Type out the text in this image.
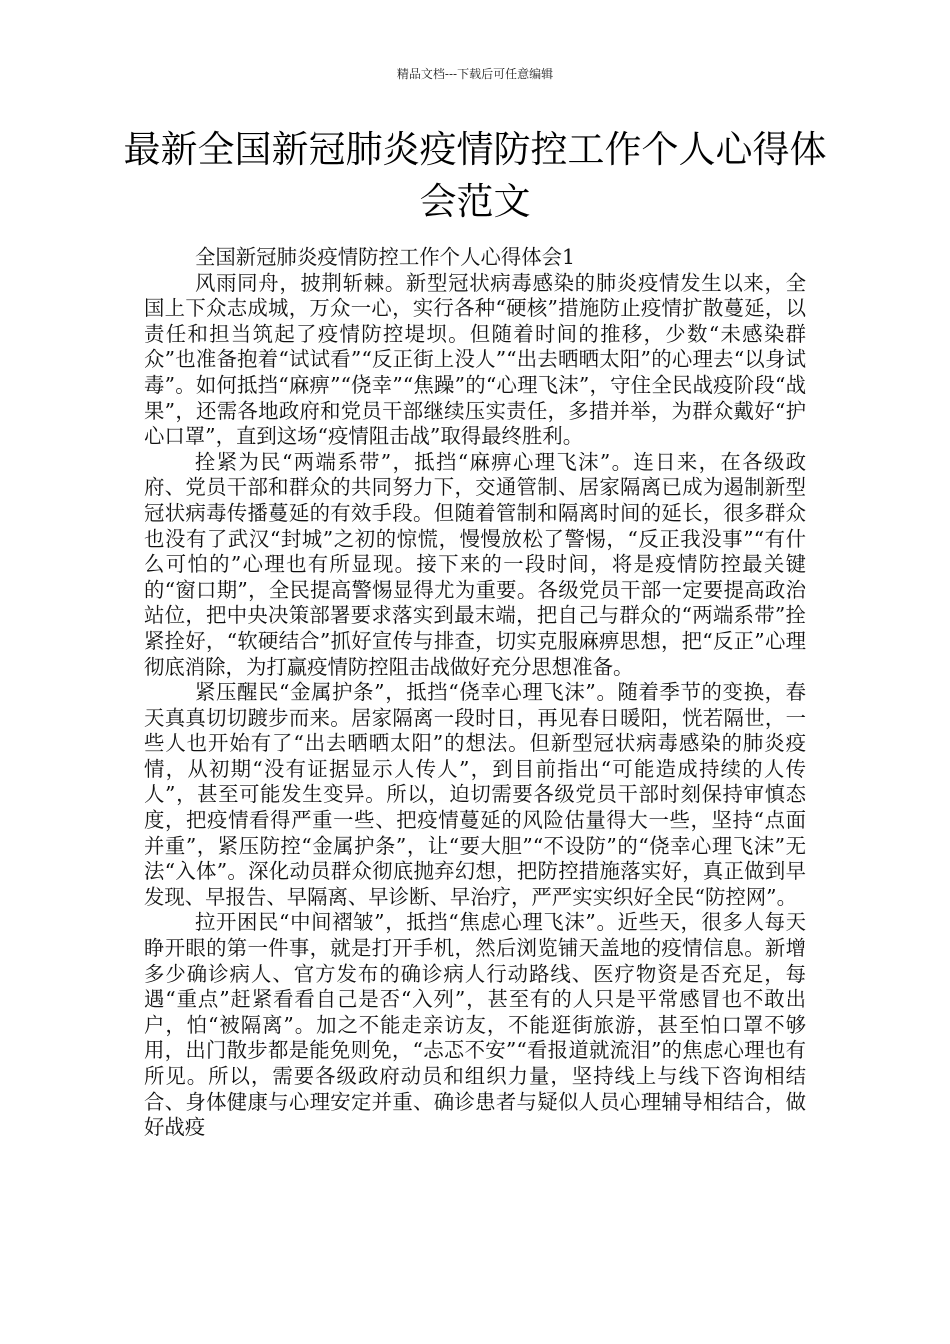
精品文档---下载后可任意编辑
最新全国新冠肺炎疫情防控工作个人心得体会范文

全国新冠肺炎疫情防控工作个人心得体会1

风雨同舟，披荆斩棘。新型冠状病毒感染的肺炎疫情发生以来，全国上下众志成城，万众一心，实行各种“硬核”措施防止疫情扩散蔓延，以责任和担当筑起了疫情防控堤坝。但随着时间的推移，少数“未感染群众”也准备抱着“试试看”“反正街上没人”“出去晒晒太阳”的心理去“以身试毒”。如何抵挡“麻痹”“侥幸”“焦躁”的“心理飞沫”，守住全民战疫阶段“战果”，还需各地政府和党员干部继续压实责任，多措并举，为群众戴好“护心口罩”，直到这场“疫情阻击战”取得最终胜利。

拴紧为民“两端系带”，抵挡“麻痹心理飞沫”。连日来，在各级政府、党员干部和群众的共同努力下，交通管制、居家隔离已成为遏制新型冠状病毒传播蔓延的有效手段。但随着管制和隔离时间的延长，很多群众也没有了武汉“封城”之初的惊慌，慢慢放松了警惕，“反正我没事”“有什么可怕的”心理也有所显现。接下来的一段时间，将是疫情防控最关键的“窗口期”，全民提高警惕显得尤为重要。各级党员干部一定要提高政治站位，把中央决策部署要求落实到最末端，把自己与群众的“两端系带”拴紧拴好，“软硬结合”抓好宣传与排查，切实克服麻痹思想，把“反正”心理彻底消除，为打赢疫情防控阻击战做好充分思想准备。

紧压醒民“金属护条”，抵挡“侥幸心理飞沫”。随着季节的变换，春天真真切切踱步而来。居家隔离一段时日，再见春日暖阳，恍若隔世，一些人也开始有了“出去晒晒太阳”的想法。但新型冠状病毒感染的肺炎疫情，从初期“没有证据显示人传人”，到目前指出“可能造成持续的人传人”，甚至可能发生变异。所以，迫切需要各级党员干部时刻保持审慎态度，把疫情看得严重一些、把疫情蔓延的风险估量得大一些，坚持“点面并重”，紧压防控“金属护条”，让“要大胆”“不设防”的“侥幸心理飞沫”无法“入体”。深化动员群众彻底抛弃幻想，把防控措施落实好，真正做到早发现、早报告、早隔离、早诊断、早治疗，严严实实织好全民“防控网”。

拉开困民“中间褶皱”，抵挡“焦虑心理飞沫”。近些天，很多人每天睁开眼的第一件事，就是打开手机，然后浏览铺天盖地的疫情信息。新增多少确诊病人、官方发布的确诊病人行动路线、医疗物资是否充足，每遇“重点”赶紧看看自己是否“入列”，甚至有的人只是平常感冒也不敢出户，怕“被隔离”。加之不能走亲访友，不能逛街旅游，甚至怕口罩不够用，出门散步都是能免则免，“忐忑不安”“看报道就流泪”的焦虑心理也有所见。所以，需要各级政府动员和组织力量，坚持线上与线下咨询相结合、身体健康与心理安定并重、确诊患者与疑似人员心理辅导相结合，做好战疫
